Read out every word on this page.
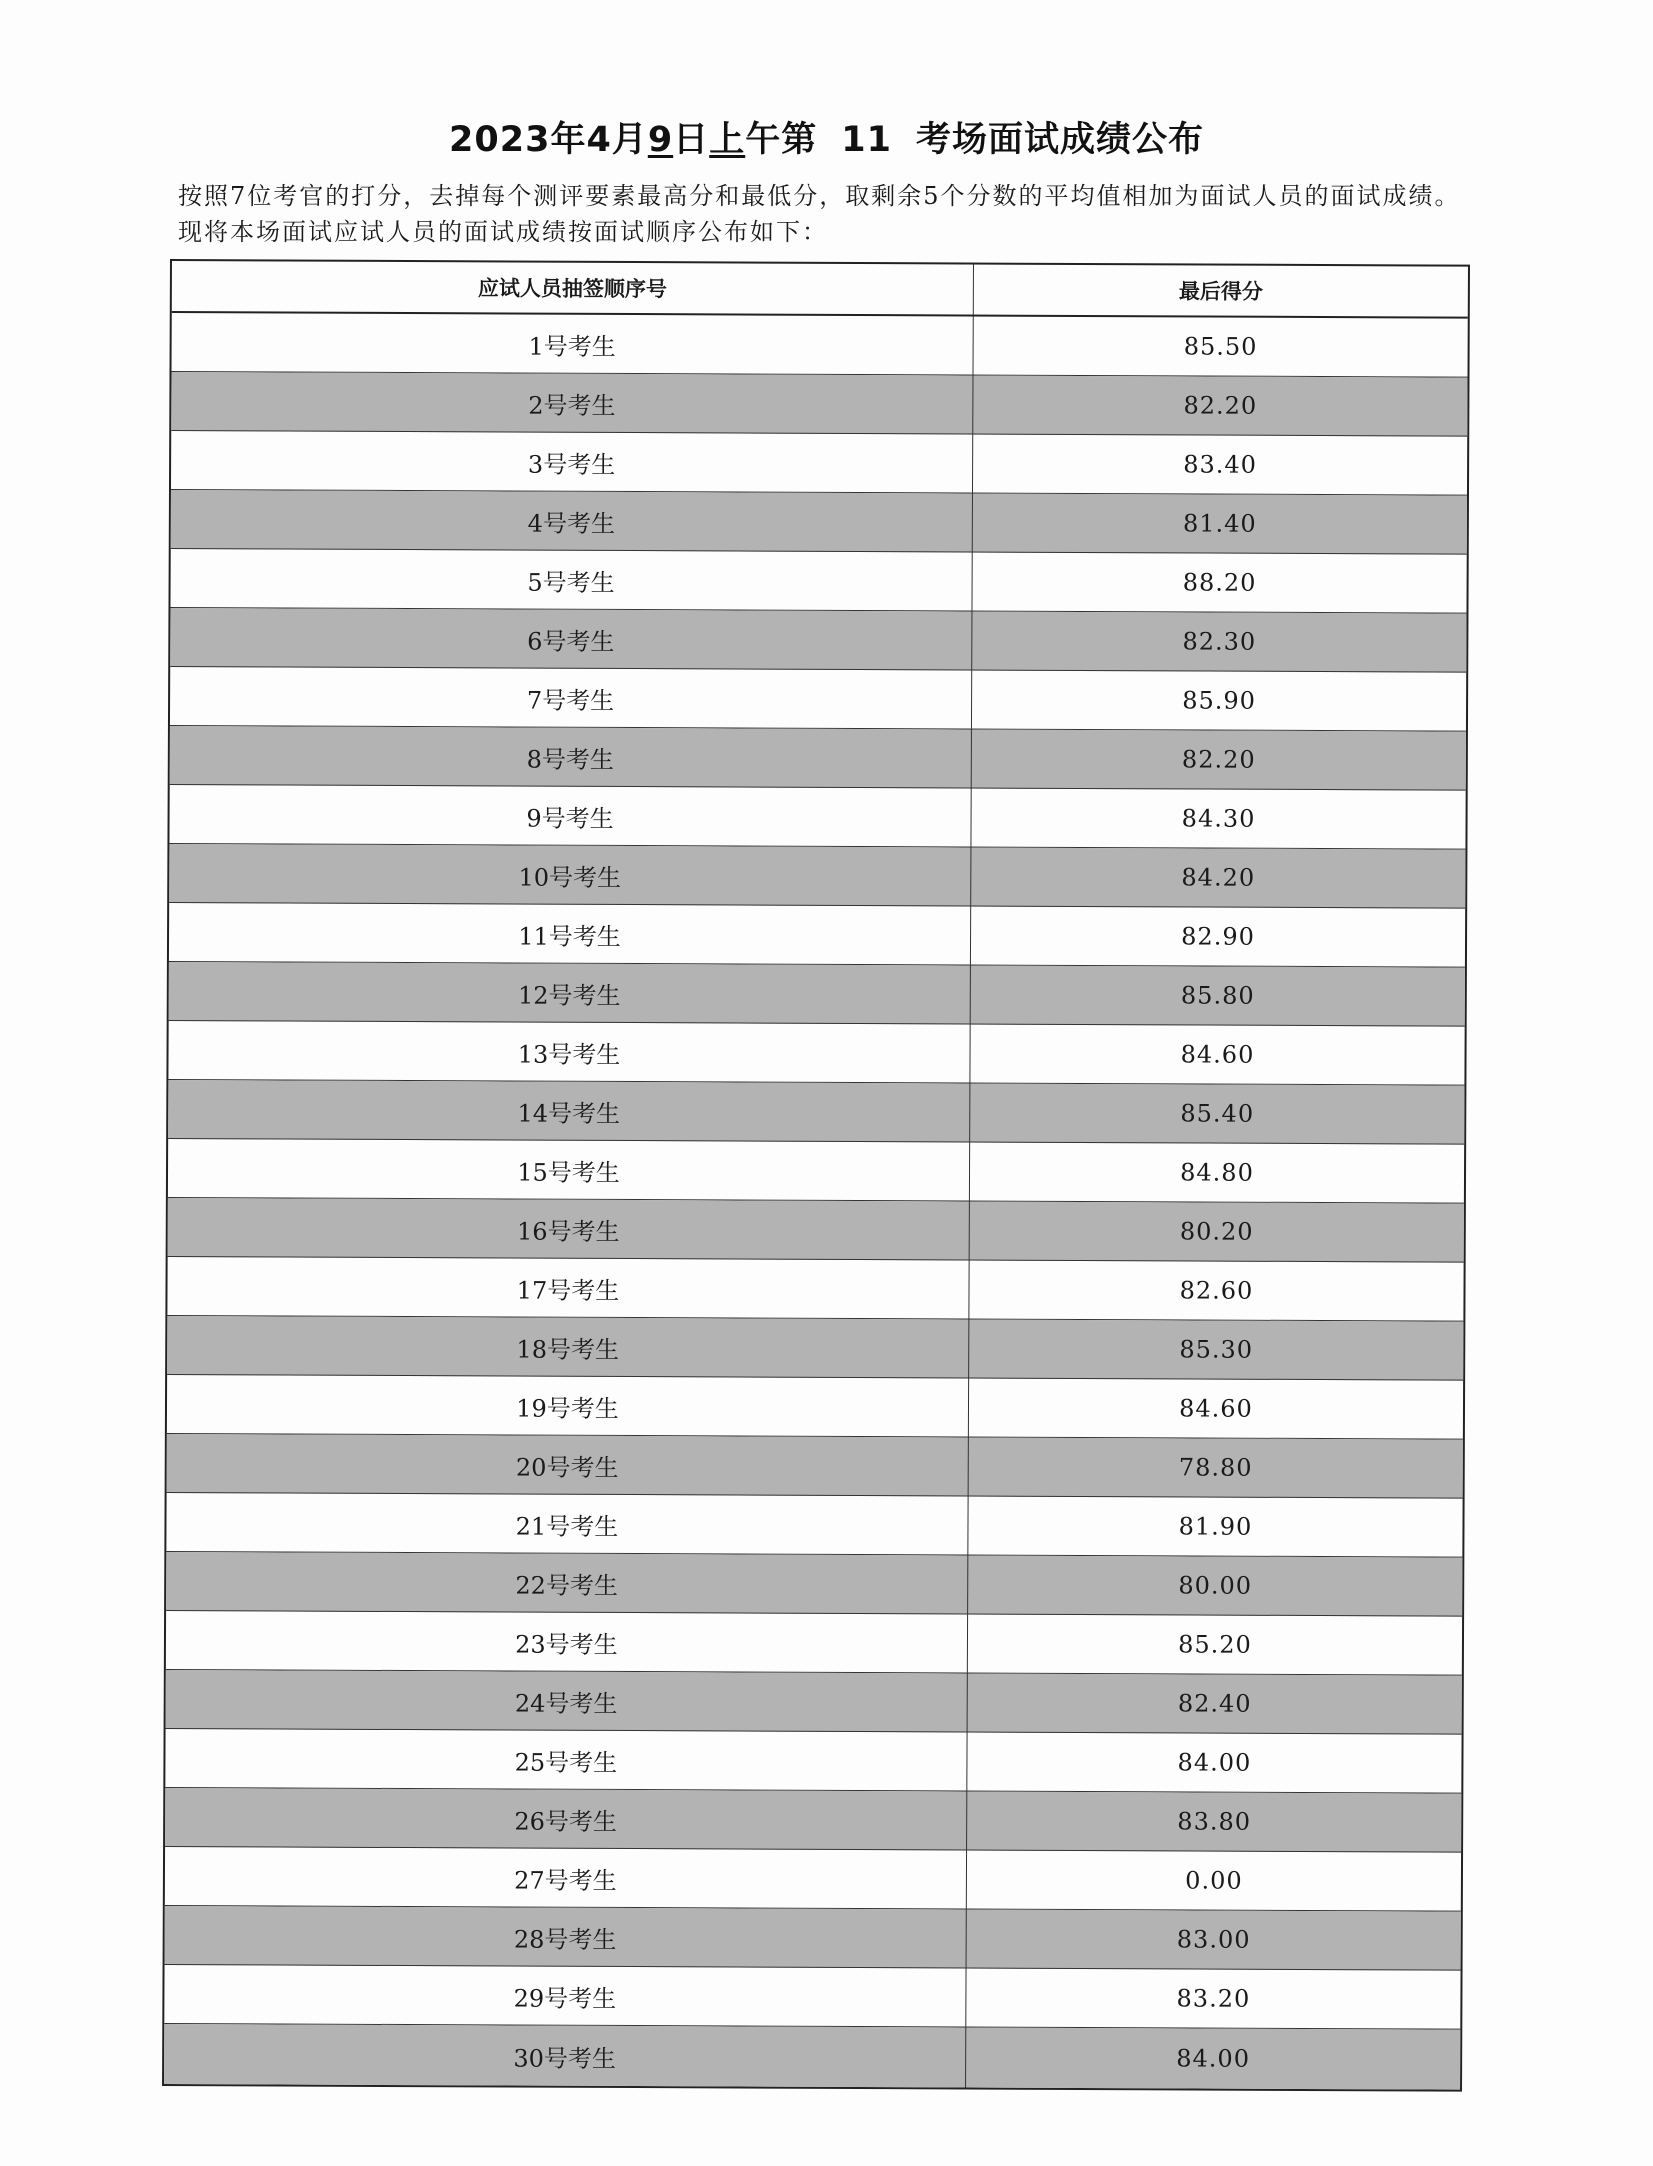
2023年4月9日上午第 11 考场面试成绩公布
按照7位考官的打分，去掉每个测评要素最高分和最低分，取剩余5个分数的平均值相加为面试人员的面试成绩。现将本场面试应试人员的面试成绩按面试顺序公布如下：
应试人员抽签顺序号	最后得分
1号考生	85.50
2号考生	82.20
3号考生	83.40
4号考生	81.40
5号考生	88.20
6号考生	82.30
7号考生	85.90
8号考生	82.20
9号考生	84.30
10号考生	84.20
11号考生	82.90
12号考生	85.80
13号考生	84.60
14号考生	85.40
15号考生	84.80
16号考生	80.20
17号考生	82.60
18号考生	85.30
19号考生	84.60
20号考生	78.80
21号考生	81.90
22号考生	80.00
23号考生	85.20
24号考生	82.40
25号考生	84.00
26号考生	83.80
27号考生	0.00
28号考生	83.00
29号考生	83.20
30号考生	84.00
